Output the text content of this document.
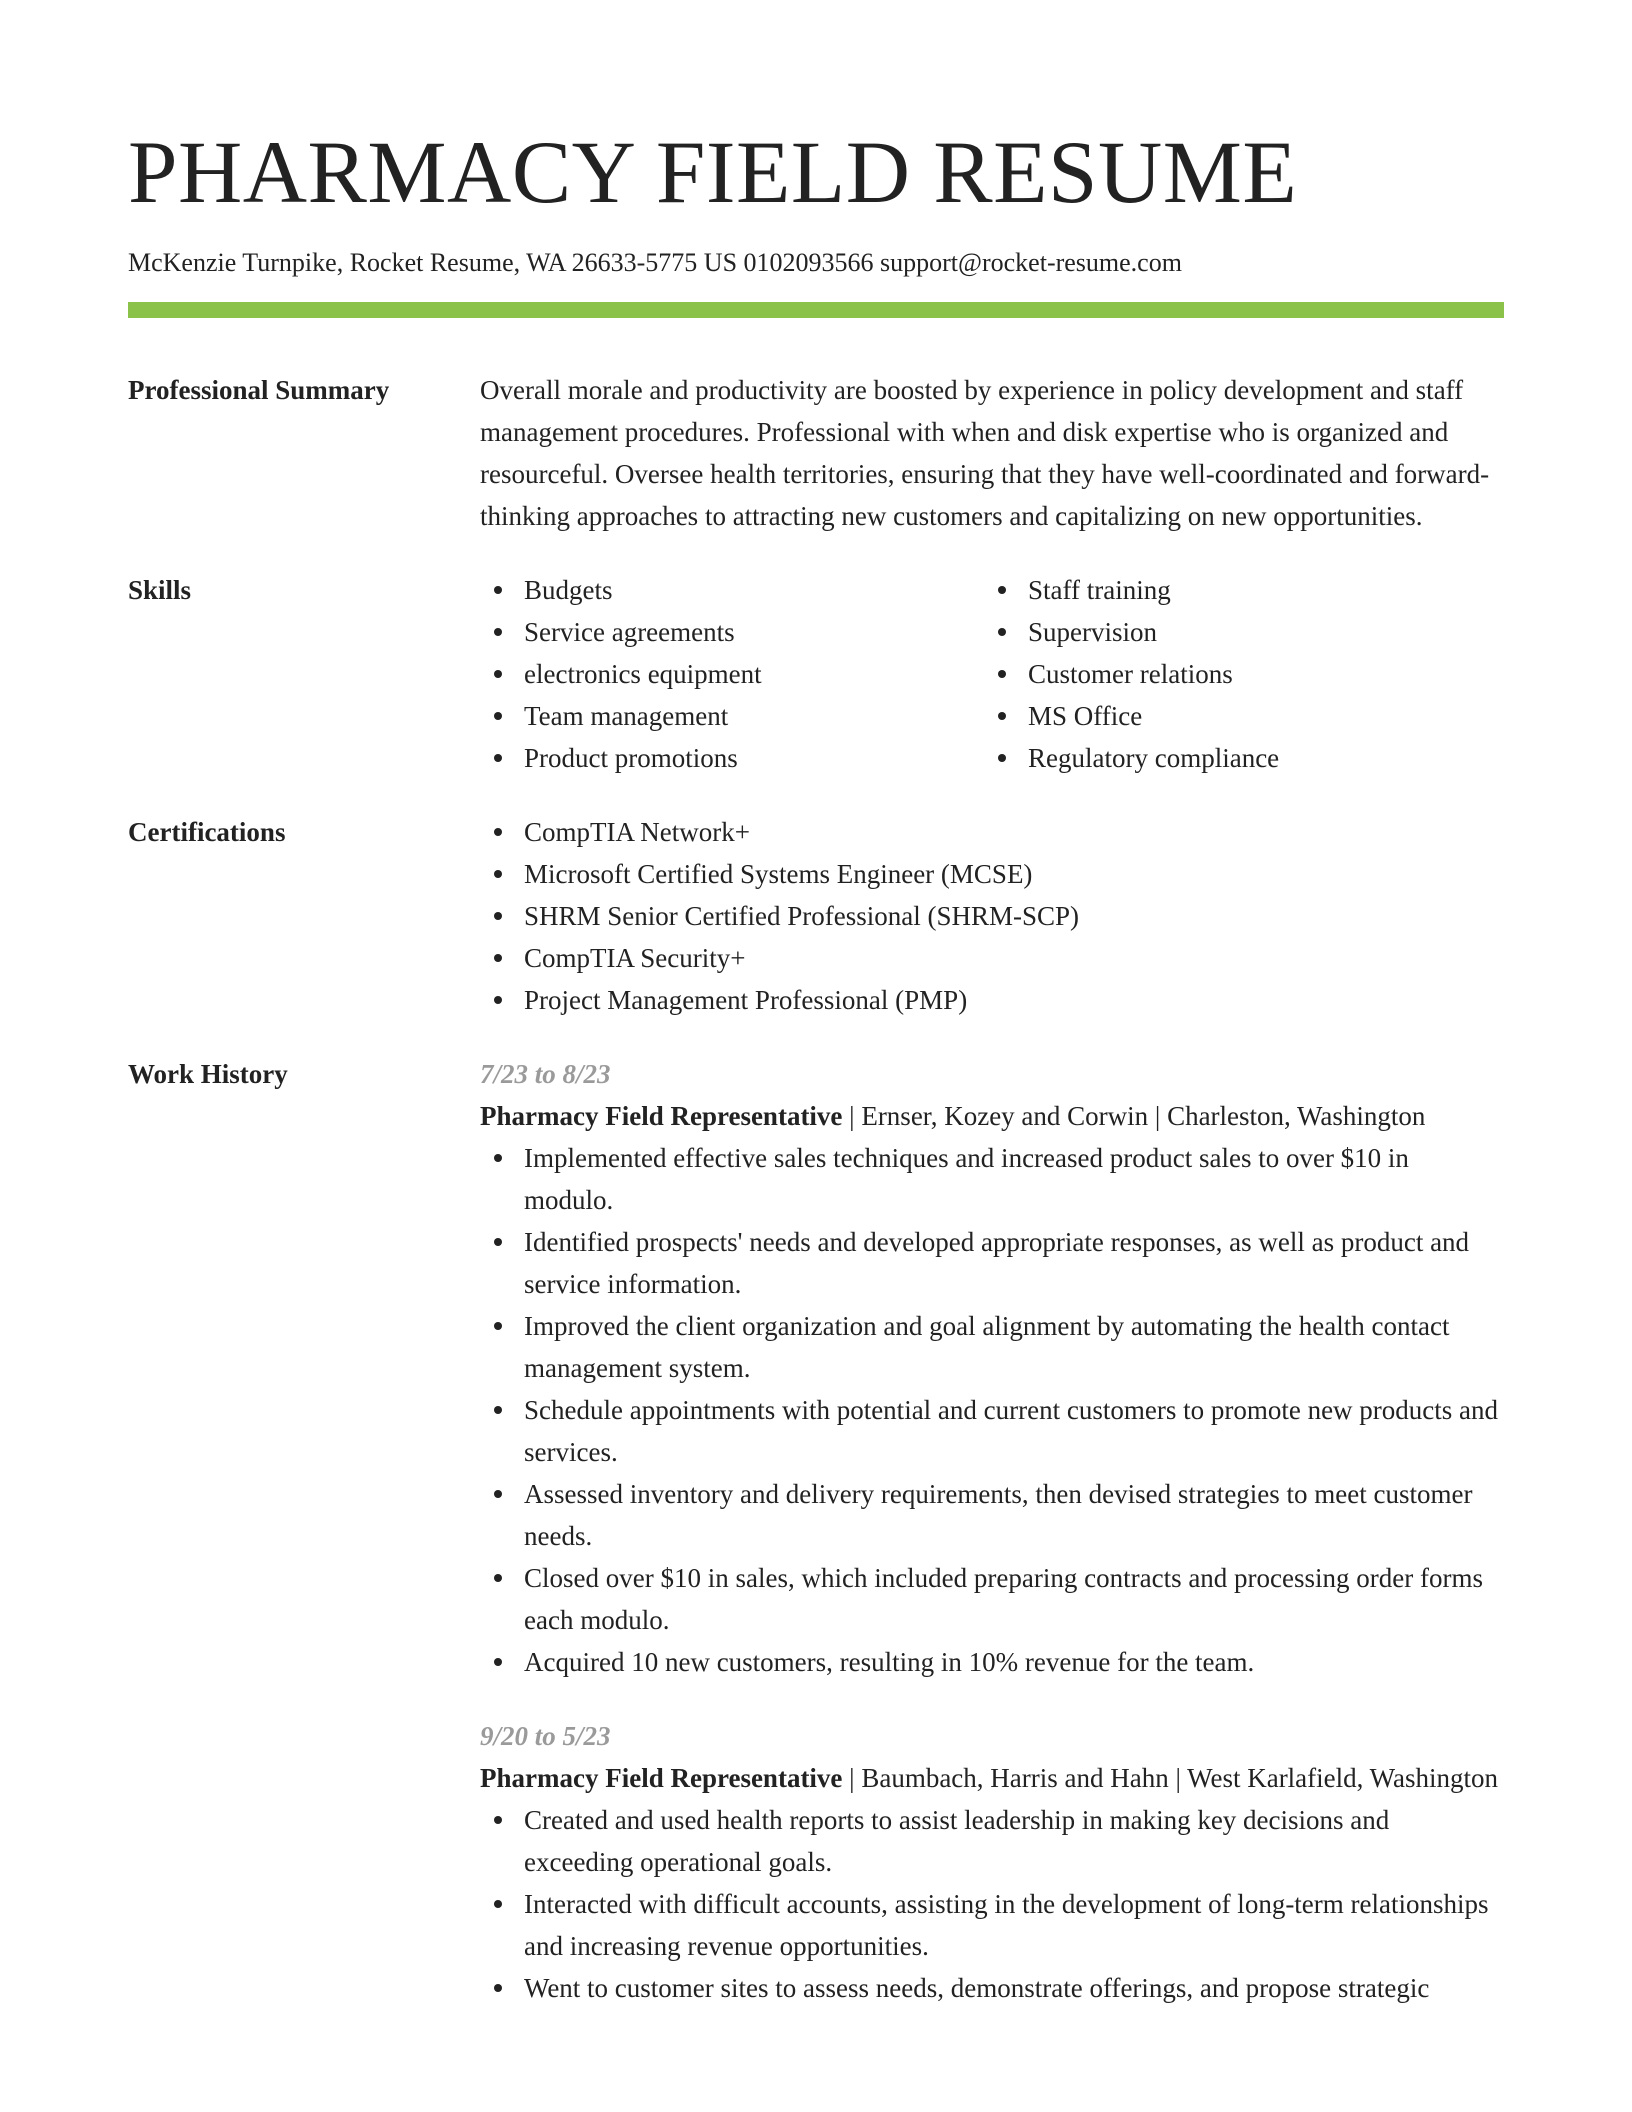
PHARMACY FIELD RESUME
McKenzie Turnpike, Rocket Resume, WA 26633-5775 US 0102093566 support@rocket-resume.com
Professional Summary	Overall morale and productivity are boosted by experience in policy development and staff management procedures. Professional with when and disk expertise who is organized and resourceful. Oversee health territories, ensuring that they have well-coordinated and forward-thinking approaches to attracting new customers and capitalizing on new opportunities.
Skills	Budgets
Service agreements
electronics equipment
Team management
Product promotions
Staff training
Supervision
Customer relations
MS Office
Regulatory compliance
Certifications	CompTIA Network+
Microsoft Certified Systems Engineer (MCSE)
SHRM Senior Certified Professional (SHRM-SCP)
CompTIA Security+
Project Management Professional (PMP)
Work History	7/23 to 8/23
Pharmacy Field Representative | Ernser, Kozey and Corwin | Charleston, Washington
Implemented effective sales techniques and increased product sales to over $10 in modulo.
Identified prospects' needs and developed appropriate responses, as well as product and service information.
Improved the client organization and goal alignment by automating the health contact management system.
Schedule appointments with potential and current customers to promote new products and services.
Assessed inventory and delivery requirements, then devised strategies to meet customer needs.
Closed over $10 in sales, which included preparing contracts and processing order forms each modulo.
Acquired 10 new customers, resulting in 10% revenue for the team.
9/20 to 5/23
Pharmacy Field Representative | Baumbach, Harris and Hahn | West Karlafield, Washington
Created and used health reports to assist leadership in making key decisions and exceeding operational goals.
Interacted with difficult accounts, assisting in the development of long-term relationships and increasing revenue opportunities.
Went to customer sites to assess needs, demonstrate offerings, and propose strategic
